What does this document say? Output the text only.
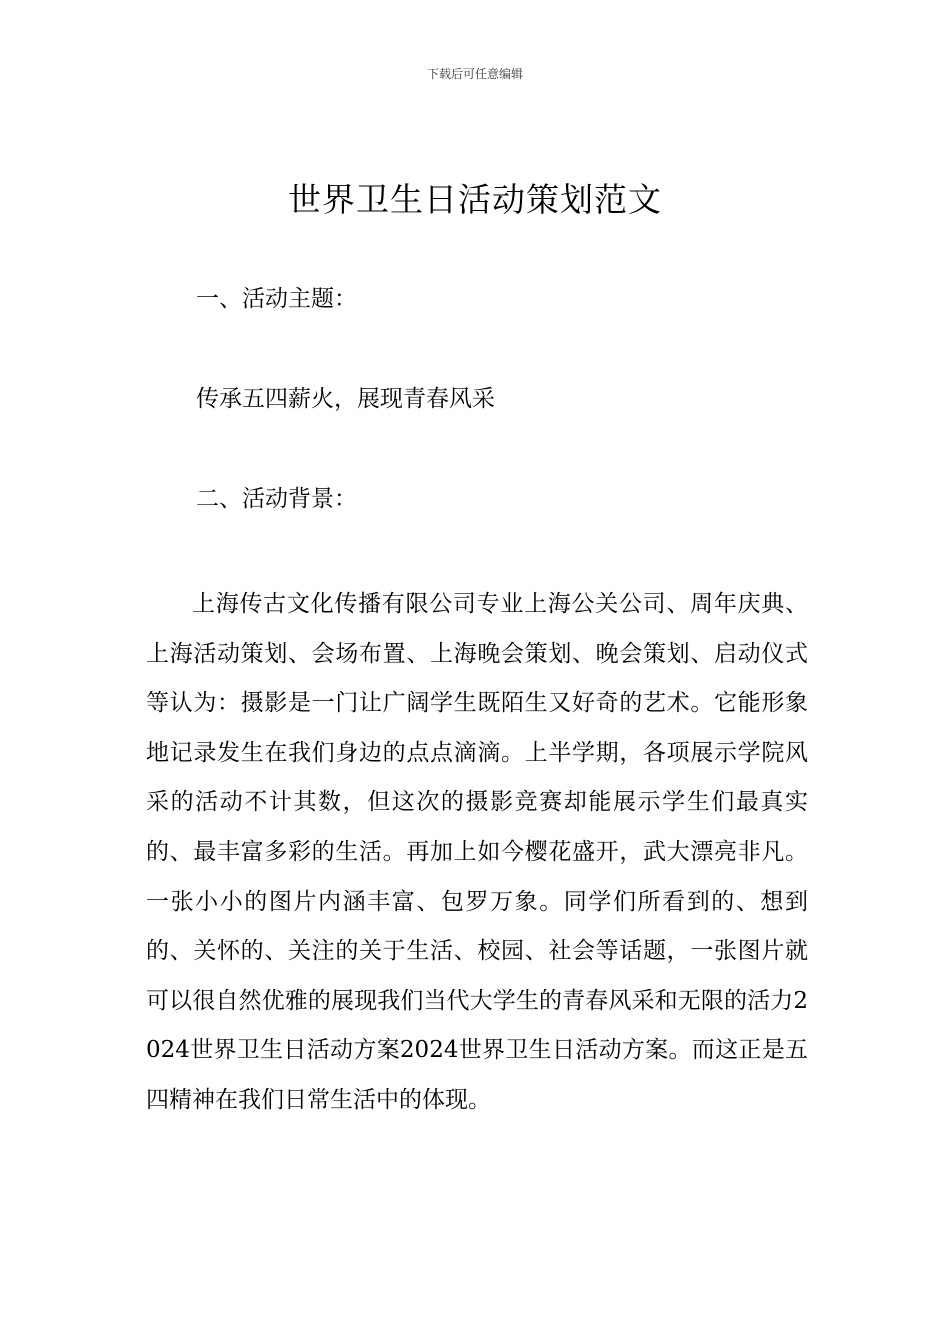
下载后可任意编辑
世界卫生日活动策划范文
一、活动主题：
传承五四薪火，展现青春风采
二、活动背景：

上海传古文化传播有限公司专业上海公关公司、周年庆典、上海活动策划、会场布置、上海晚会策划、晚会策划、启动仪式等认为：摄影是一门让广阔学生既陌生又好奇的艺术。它能形象地记录发生在我们身边的点点滴滴。上半学期，各项展示学院风采的活动不计其数，但这次的摄影竞赛却能展示学生们最真实的、最丰富多彩的生活。再加上如今樱花盛开，武大漂亮非凡。一张小小的图片内涵丰富、包罗万象。同学们所看到的、想到的、关怀的、关注的关于生活、校园、社会等话题，一张图片就可以很自然优雅的展现我们当代大学生的青春风采和无限的活力2024世界卫生日活动方案2024世界卫生日活动方案。而这正是五四精神在我们日常生活中的体现。
